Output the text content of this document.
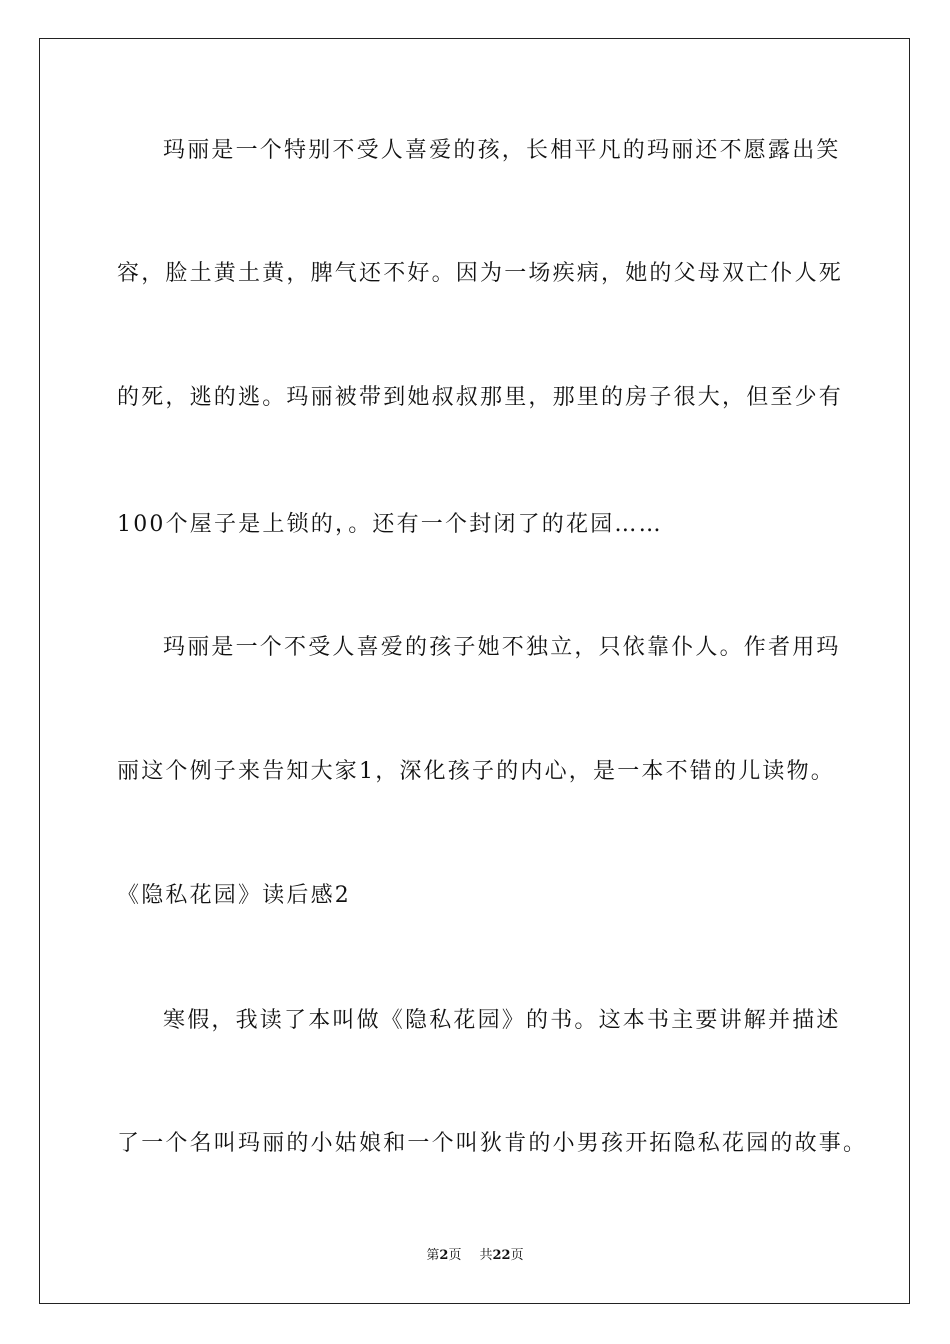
玛丽是一个特别不受人喜爱的孩，长相平凡的玛丽还不愿露出笑
容，脸土黄土黄，脾气还不好。因为一场疾病，她的父母双亡仆人死
的死，逃的逃。玛丽被带到她叔叔那里，那里的房子很大，但至少有
100个屋子是上锁的，。还有一个封闭了的花园……
玛丽是一个不受人喜爱的孩子她不独立，只依靠仆人。作者用玛
丽这个例子来告知大家1，深化孩子的内心，是一本不错的儿读物。
《隐私花园》读后感2
寒假，我读了本叫做《隐私花园》的书。这本书主要讲解并描述
了一个名叫玛丽的小姑娘和一个叫狄肯的小男孩开拓隐私花园的故事。
第2页 共22页
